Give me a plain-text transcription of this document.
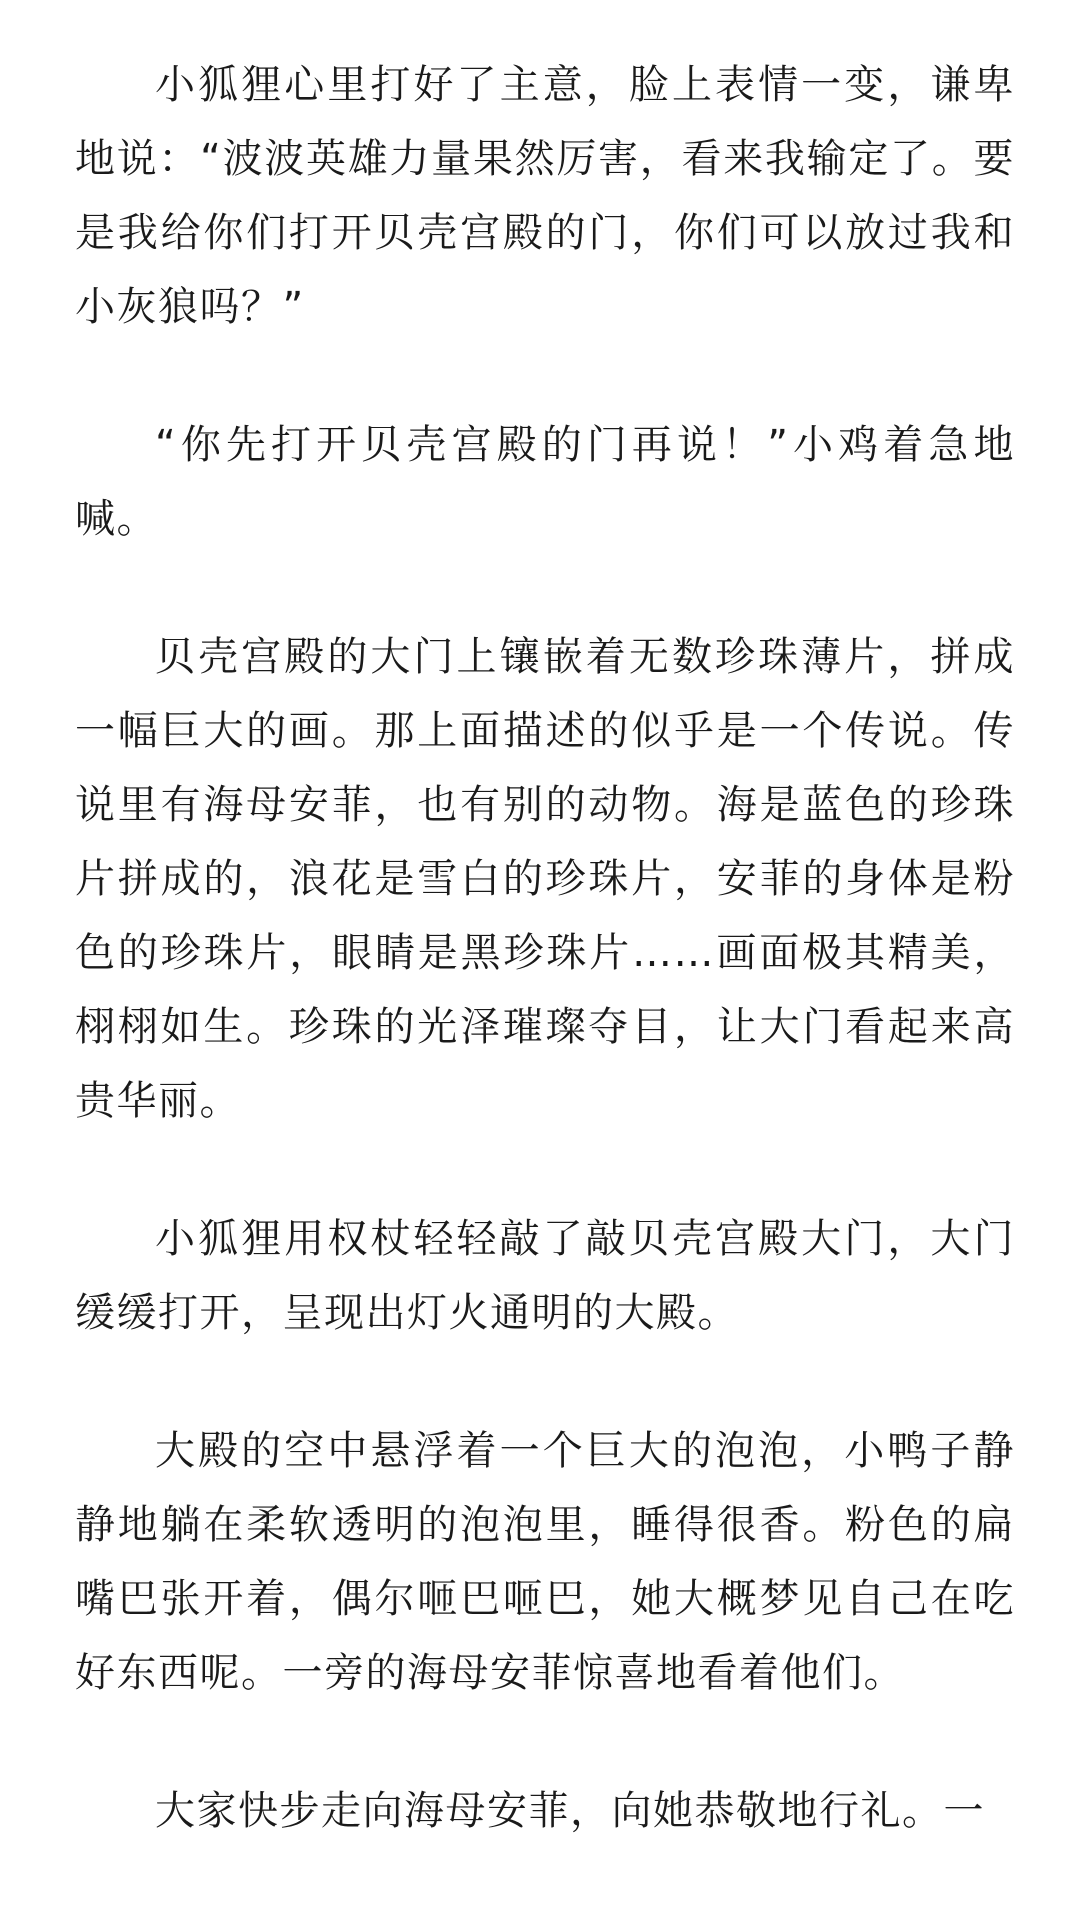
小狐狸心里打好了主意，脸上表情一变，谦卑地说：“波波英雄力量果然厉害，看来我输定了。要是我给你们打开贝壳宫殿的门，你们可以放过我和小灰狼吗？”

“你先打开贝壳宫殿的门再说！”小鸡着急地喊。

贝壳宫殿的大门上镶嵌着无数珍珠薄片，拼成一幅巨大的画。那上面描述的似乎是一个传说。传说里有海母安菲，也有别的动物。海是蓝色的珍珠片拼成的，浪花是雪白的珍珠片，安菲的身体是粉色的珍珠片，眼睛是黑珍珠片……画面极其精美，栩栩如生。珍珠的光泽璀璨夺目，让大门看起来高贵华丽。

小狐狸用权杖轻轻敲了敲贝壳宫殿大门，大门缓缓打开，呈现出灯火通明的大殿。

大殿的空中悬浮着一个巨大的泡泡，小鸭子静静地躺在柔软透明的泡泡里，睡得很香。粉色的扁嘴巴张开着，偶尔咂巴咂巴，她大概梦见自己在吃好东西呢。一旁的海母安菲惊喜地看着他们。

大家快步走向海母安菲，向她恭敬地行礼。一
